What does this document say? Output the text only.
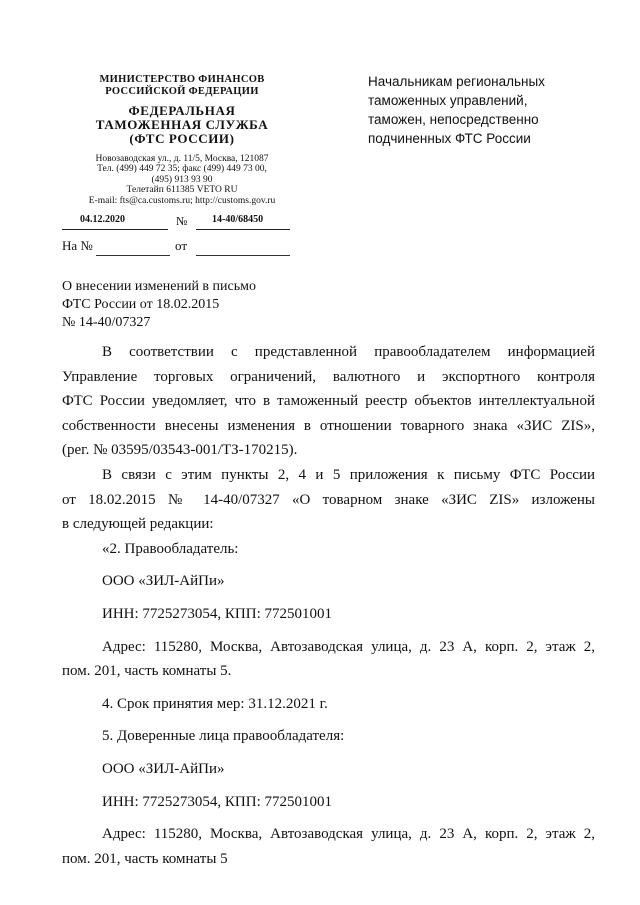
МИНИСТЕРСТВО ФИНАНСОВ
РОССИЙСКОЙ ФЕДЕРАЦИИ
ФЕДЕРАЛЬНАЯ
ТАМОЖЕННАЯ СЛУЖБА
(ФТС РОССИИ)
Новозаводская ул., д. 11/5, Москва, 121087
Тел. (499) 449 72 35; факс (499) 449 73 00,
(495) 913 93 90
Телетайп 611385 VETO RU
E-mail: fts@ca.customs.ru; http://customs.gov.ru
04.12.2020	№ 14-40/68450
На №	от
Начальникам региональных
таможенных управлений,
таможен, непосредственно
подчиненных ФТС России
О внесении изменений в письмо
ФТС России от 18.02.2015
№ 14-40/07327
В соответствии с представленной правообладателем информацией
Управление торговых ограничений, валютного и экспортного контроля
ФТС России уведомляет, что в таможенный реестр объектов интеллектуальной
собственности внесены изменения в отношении товарного знака «ЗИС ZIS»,
(рег. № 03595/03543-001/ТЗ-170215).
В связи с этим пункты 2, 4 и 5 приложения к письму ФТС России
от 18.02.2015 № 14-40/07327 «О товарном знаке «ЗИС ZIS» изложены
в следующей редакции:
«2. Правообладатель:
ООО «ЗИЛ-АйПи»
ИНН: 7725273054, КПП: 772501001
Адрес: 115280, Москва, Автозаводская улица, д. 23 А, корп. 2, этаж 2,
пом. 201, часть комнаты 5.
4. Срок принятия мер: 31.12.2021 г.
5. Доверенные лица правообладателя:
ООО «ЗИЛ-АйПи»
ИНН: 7725273054, КПП: 772501001
Адрес: 115280, Москва, Автозаводская улица, д. 23 А, корп. 2, этаж 2,
пом. 201, часть комнаты 5
